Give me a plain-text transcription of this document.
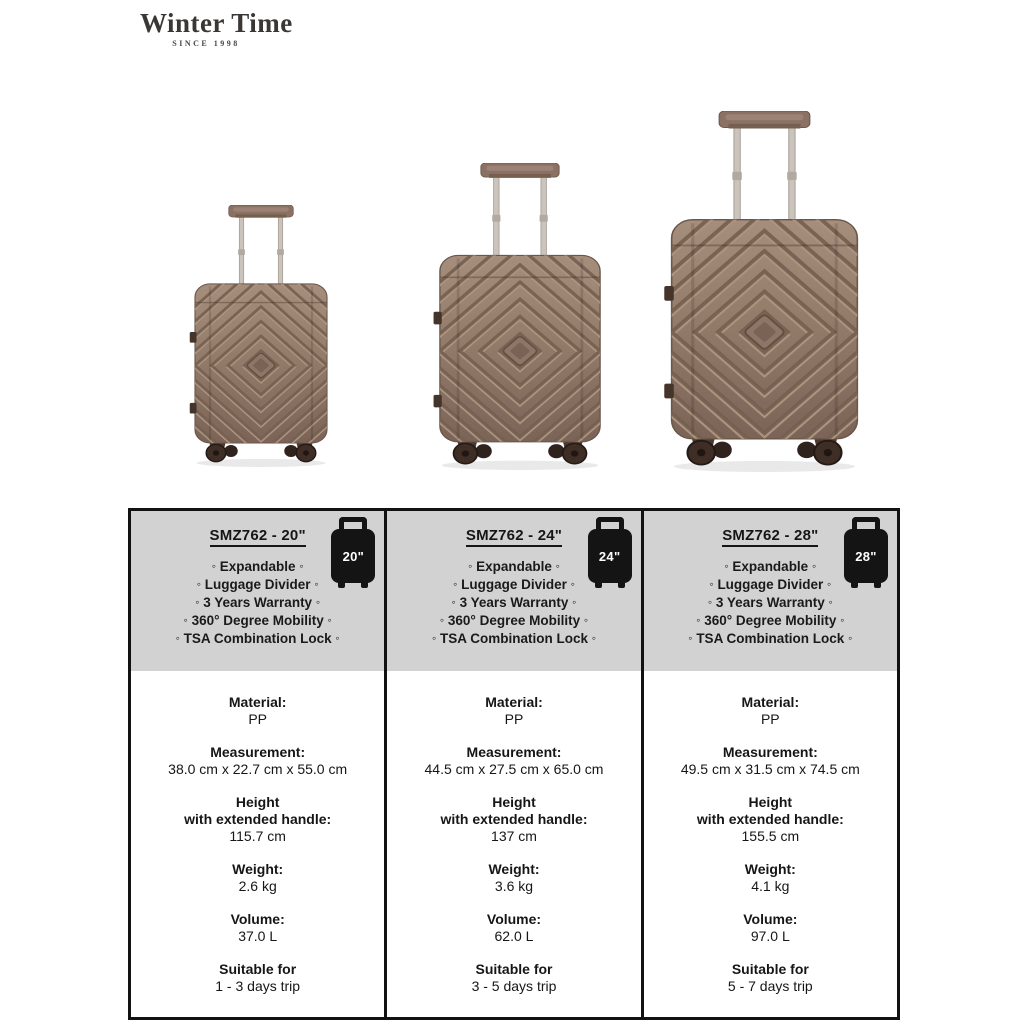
Winter Time
SINCE 1998
20"
SMZ762 - 20"
◦ Expandable ◦
◦ Luggage Divider ◦
◦ 3 Years Warranty ◦
◦ 360° Degree Mobility ◦
◦ TSA Combination Lock ◦
Material:
PP
Measurement:
38.0 cm x 22.7 cm x 55.0 cm
Height
with extended handle:
115.7 cm
Weight:
2.6 kg
Volume:
37.0 L
Suitable for
1 - 3 days trip
24"
SMZ762 - 24"
◦ Expandable ◦
◦ Luggage Divider ◦
◦ 3 Years Warranty ◦
◦ 360° Degree Mobility ◦
◦ TSA Combination Lock ◦
Material:
PP
Measurement:
44.5 cm x 27.5 cm x 65.0 cm
Height
with extended handle:
137 cm
Weight:
3.6 kg
Volume:
62.0 L
Suitable for
3 - 5 days trip
28"
SMZ762 - 28"
◦ Expandable ◦
◦ Luggage Divider ◦
◦ 3 Years Warranty ◦
◦ 360° Degree Mobility ◦
◦ TSA Combination Lock ◦
Material:
PP
Measurement:
49.5 cm x 31.5 cm x 74.5 cm
Height
with extended handle:
155.5 cm
Weight:
4.1 kg
Volume:
97.0 L
Suitable for
5 - 7 days trip
